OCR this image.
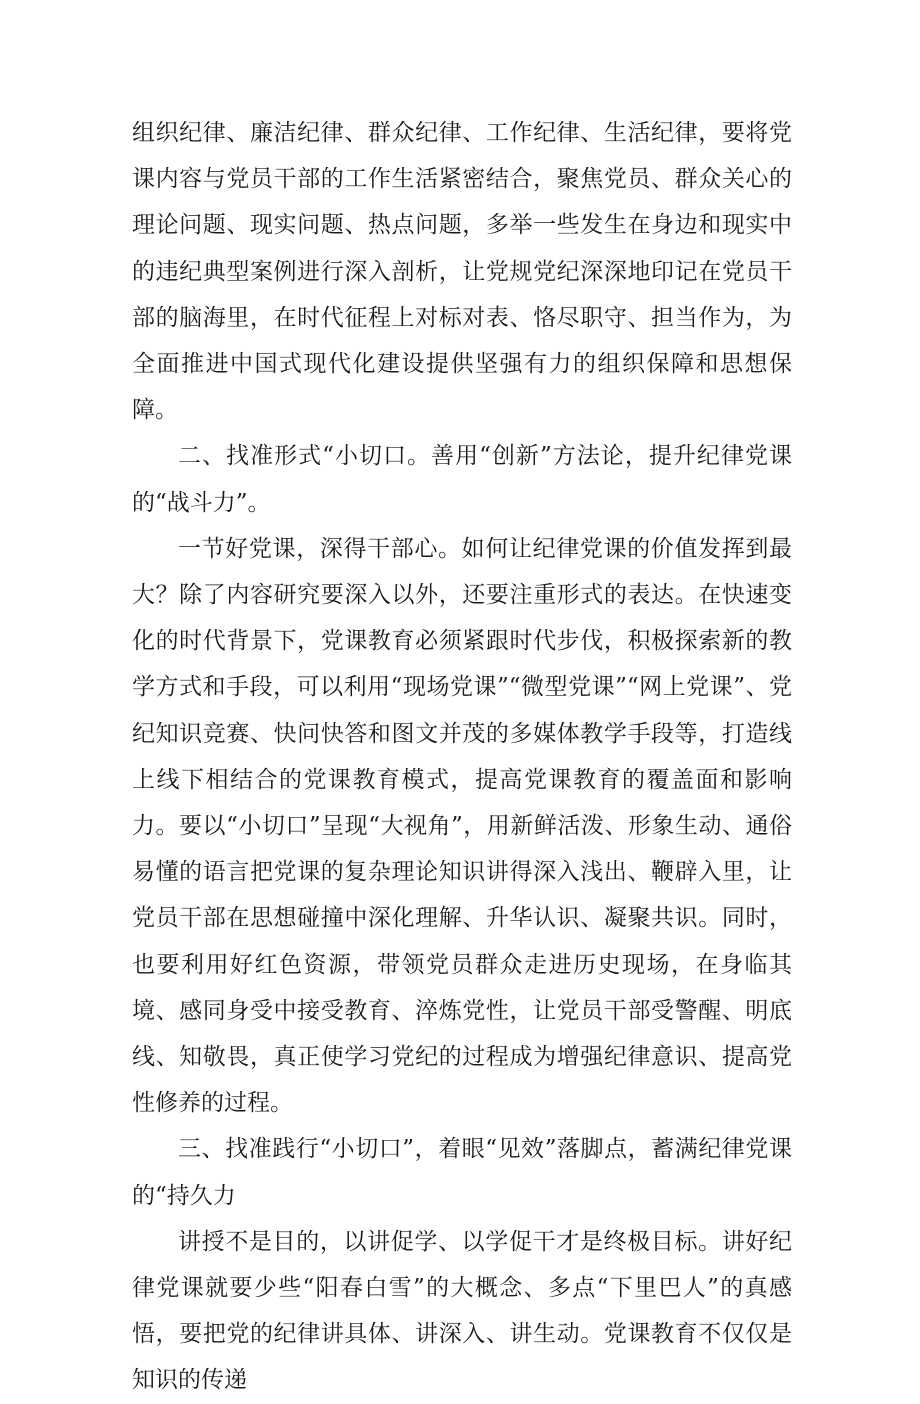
组织纪律、廉洁纪律、群众纪律、工作纪律、生活纪律，要将党课内容与党员干部的工作生活紧密结合，聚焦党员、群众关心的理论问题、现实问题、热点问题，多举一些发生在身边和现实中的违纪典型案例进行深入剖析，让党规党纪深深地印记在党员干部的脑海里，在时代征程上对标对表、恪尽职守、担当作为，为全面推进中国式现代化建设提供坚强有力的组织保障和思想保障。

二、找准形式“小切口。善用“创新”方法论，提升纪律党课的“战斗力”。

一节好党课，深得干部心。如何让纪律党课的价值发挥到最大？除了内容研究要深入以外，还要注重形式的表达。在快速变化的时代背景下，党课教育必须紧跟时代步伐，积极探索新的教学方式和手段，可以利用“现场党课”“微型党课”“网上党课”、党纪知识竞赛、快问快答和图文并茂的多媒体教学手段等，打造线上线下相结合的党课教育模式，提高党课教育的覆盖面和影响力。要以“小切口”呈现“大视角”，用新鲜活泼、形象生动、通俗易懂的语言把党课的复杂理论知识讲得深入浅出、鞭辟入里，让党员干部在思想碰撞中深化理解、升华认识、凝聚共识。同时，也要利用好红色资源，带领党员群众走进历史现场，在身临其境、感同身受中接受教育、淬炼党性，让党员干部受警醒、明底线、知敬畏，真正使学习党纪的过程成为增强纪律意识、提高党性修养的过程。

三、找准践行“小切口”，着眼“见效”落脚点，蓄满纪律党课的“持久力

讲授不是目的，以讲促学、以学促干才是终极目标。讲好纪律党课就要少些“阳春白雪”的大概念、多点“下里巴人”的真感悟，要把党的纪律讲具体、讲深入、讲生动。党课教育不仅仅是知识的传递
